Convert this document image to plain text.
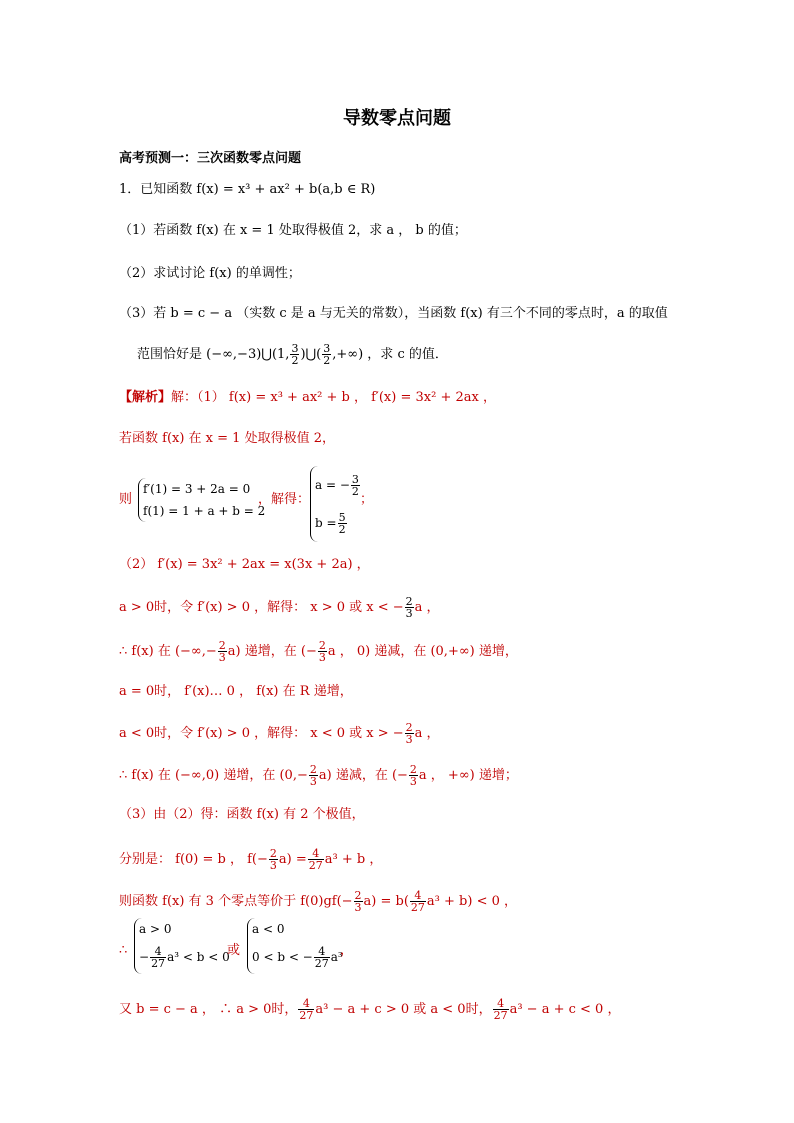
导数零点问题
高考预测一：三次函数零点问题
1．已知函数 f(x) = x³ + ax² + b(a,b ∈ R)
（1）若函数 f(x) 在 x = 1 处取得极值 2，求 a ， b 的值；
（2）求试讨论 f(x) 的单调性；
（3）若 b = c − a （实数 c 是 a 与无关的常数），当函数 f(x) 有三个不同的零点时，a 的取值
范围恰好是 (−∞,−3)⋃(1, $\frac{3}{2}$ )⋃( $\frac{3}{2}$ ,+∞) ，求 c 的值．
【解析】解：（1） f(x) = x³ + ax² + b ， f′(x) = 3x² + 2ax ，
若函数 f(x) 在 x = 1 处取得极值 2，
则
f′(1) = 3 + 2a = 0
f(1) = 1 + a + b = 2
，解得：
a = − $\frac{3}{2}$
$b = \frac{5}{2}$
；
（2） f′(x) = 3x² + 2ax = x(3x + 2a) ，
a > 0时，令 f′(x) > 0 ，解得： x > 0 或 x < − $\frac{2}{3}$ a ，
∴ f(x) 在 (−∞,− $\frac{2}{3} a$) 递增，在 (− $\frac{2}{3}$ a ， 0) 递减，在 (0,+∞) 递增，
a = 0时， f′(x)… 0 ， f(x) 在 R 递增，
a < 0时，令 f′(x) > 0 ，解得： x < 0 或 x > − $\frac{2}{3}$ a ，
∴ f(x) 在 (−∞,0) 递增，在 $(0,- \frac{2}{3} a)$ 递减，在 (− $\frac{2}{3}$ a ， +∞) 递增；
（3）由（2）得：函数 f(x) 有 2 个极值，
分别是： f(0) = b ， $f(- \frac{2}{3} a) = \frac{4}{27} a^3 + b$ ，
则函数 f(x) 有 3 个零点等价于 $f(0)gf(- \frac{2}{3} a) = b( \frac{4}{27} a^3 + b) < 0$ ，
∴
a > 0
− $\frac{4}{27} a^3 < b < 0$
或
a < 0
0 < b < − $\frac{4}{27} a^3$
，
又 b = c − a ， ∴ a > 0时， $\frac{4}{27} a^3 - a + c > 0$ 或 a < 0时， $\frac{4}{27} a^3 - a + c < 0$ ，
